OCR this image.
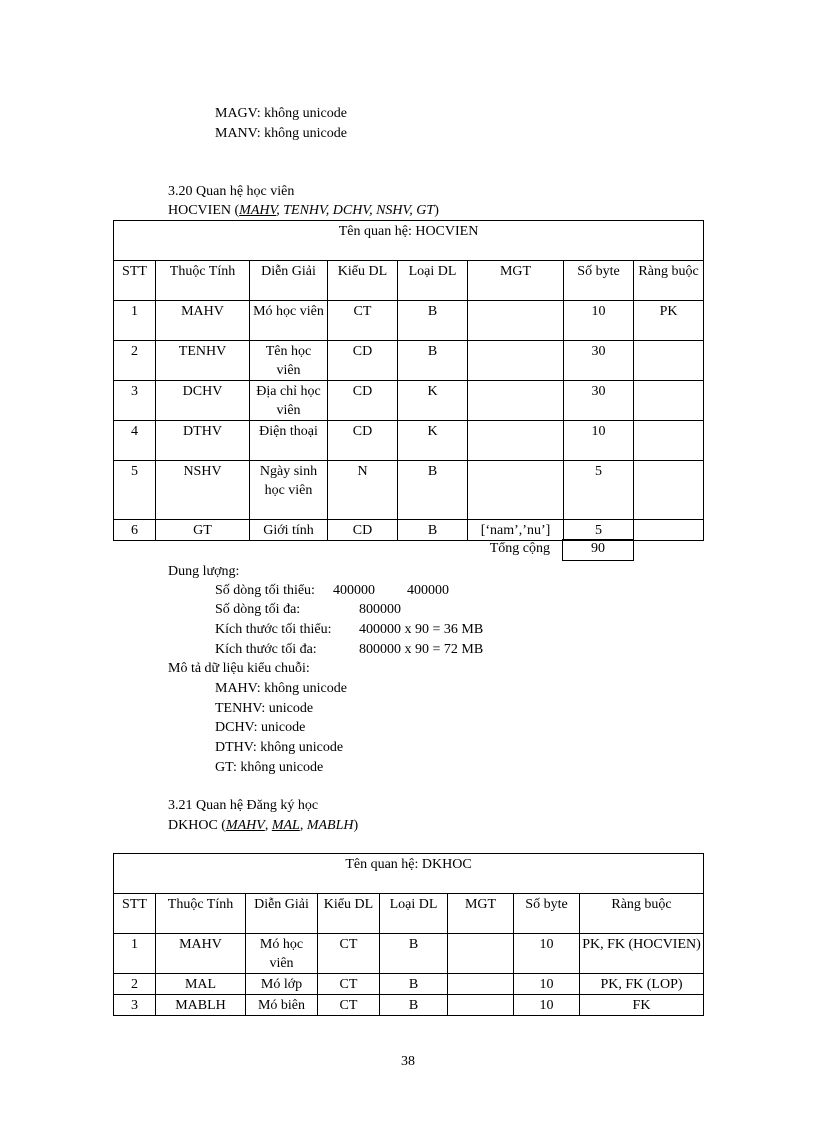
MAGV: không unicode
MANV: không unicode
3.20 Quan hệ học viên
HOCVIEN (MAHV, TENHV, DCHV, NSHV, GT)
Tên quan hệ: HOCVIEN							
STT	Thuộc Tính	Diễn Giải	Kiểu DL	Loại DL	MGT	Số byte	Ràng buộc
1	MAHV	Mó học viên	CT	B		10	PK
2	TENHV	Tên học viên	CD	B		30	
3	DCHV	Địa chỉ học viên	CD	K		30	
4	DTHV	Điện thoại	CD	K		10	
5	NSHV	Ngày sinh học viên	N	B		5	
6	GT	Giới tính	CD	B	[‘nam’,’nu’]	5	
Tổng cộng	90
Dung lượng:
Số dòng tối thiểu: 400000 400000
Số dòng tối đa:	800000
Kích thước tối thiểu: 400000 x 90 = 36 MB
Kích thước tối đa:	800000 x 90 = 72 MB
Mô tả dữ liệu kiểu chuỗi:
MAHV: không unicode
TENHV: unicode
DCHV: unicode
DTHV: không unicode
GT: không unicode
3.21 Quan hệ Đăng ký học
DKHOC (MAHV, MAL, MABLH)
Tên quan hệ: DKHOC							
STT	Thuộc Tính	Diễn Giải	Kiểu DL	Loại DL	MGT	Số byte	Ràng buộc
1	MAHV	Mó học viên	CT	B		10	PK, FK (HOCVIEN)
2	MAL	Mó lớp	CT	B		10	PK, FK (LOP)
3	MABLH	Mó biên	CT	B		10	FK
38
